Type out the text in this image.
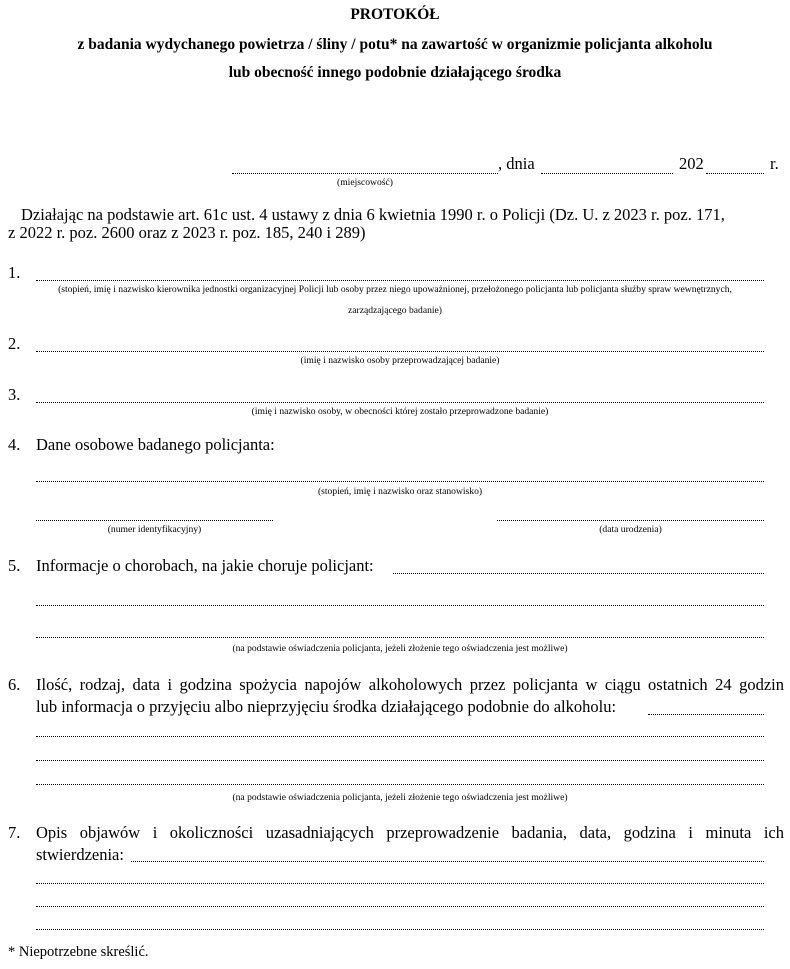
PROTOKÓŁ
z badania wydychanego powietrza / śliny / potu* na zawartość w organizmie policjanta alkoholu
lub obecność innego podobnie działającego środka
, dnia	202	r.
(miejscowość)
Działając na podstawie art. 61c ust. 4 ustawy z dnia 6 kwietnia 1990 r. o Policji (Dz. U. z 2023 r. poz. 171,
z 2022 r. poz. 2600 oraz z 2023 r. poz. 185, 240 i 289)
1.
(stopień, imię i nazwisko kierownika jednostki organizacyjnej Policji lub osoby przez niego upoważnionej, przełożonego policjanta lub policjanta służby spraw wewnętrznych,
zarządzającego badanie)
2.
(imię i nazwisko osoby przeprowadzającej badanie)
3.
(imię i nazwisko osoby, w obecności której zostało przeprowadzone badanie)
4. Dane osobowe badanego policjanta:
(stopień, imię i nazwisko oraz stanowisko)
(numer identyfikacyjny)	(data urodzenia)
5. Informacje o chorobach, na jakie choruje policjant:
(na podstawie oświadczenia policjanta, jeżeli złożenie tego oświadczenia jest możliwe)
6. Ilość, rodzaj, data i godzina spożycia napojów alkoholowych przez policjanta w ciągu ostatnich 24 godzin
lub informacja o przyjęciu albo nieprzyjęciu środka działającego podobnie do alkoholu:
(na podstawie oświadczenia policjanta, jeżeli złożenie tego oświadczenia jest możliwe)
7. Opis objawów i okoliczności uzasadniających przeprowadzenie badania, data, godzina i minuta ich
stwierdzenia:
* Niepotrzebne skreślić.
